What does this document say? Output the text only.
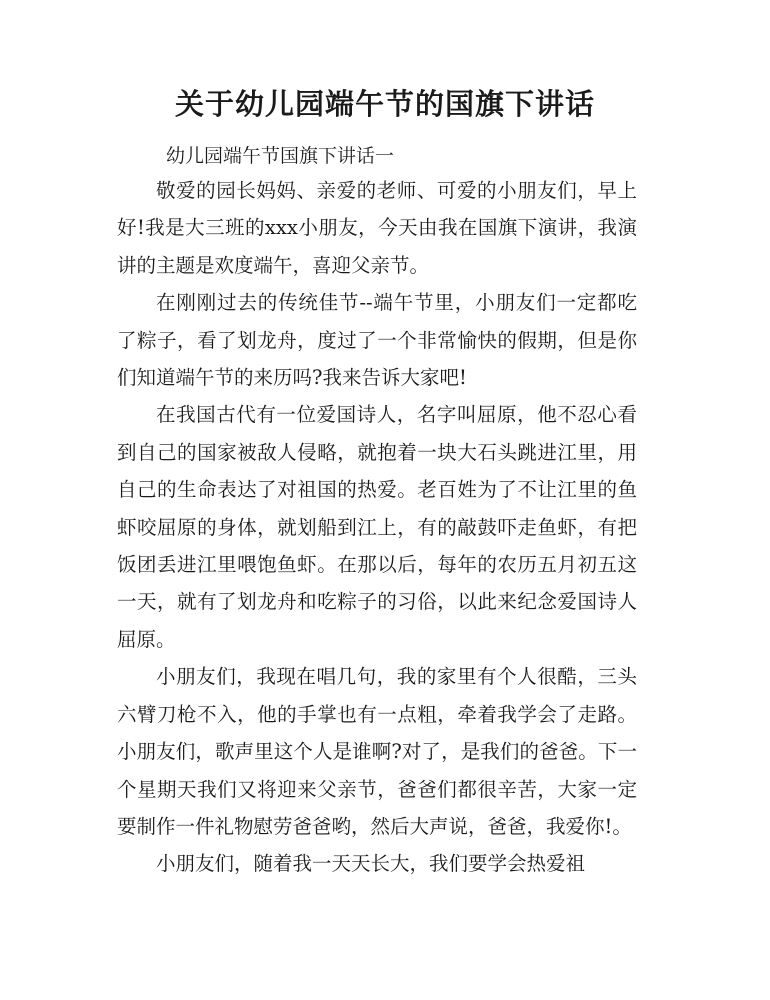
关于幼儿园端午节的国旗下讲话

幼儿园端午节国旗下讲话一

敬爱的园长妈妈、亲爱的老师、可爱的小朋友们，早上好!我是大三班的xxx小朋友，今天由我在国旗下演讲，我演讲的主题是欢度端午，喜迎父亲节。

在刚刚过去的传统佳节--端午节里，小朋友们一定都吃了粽子，看了划龙舟，度过了一个非常愉快的假期，但是你们知道端午节的来历吗?我来告诉大家吧!

在我国古代有一位爱国诗人，名字叫屈原，他不忍心看到自己的国家被敌人侵略，就抱着一块大石头跳进江里，用自己的生命表达了对祖国的热爱。老百姓为了不让江里的鱼虾咬屈原的身体，就划船到江上，有的敲鼓吓走鱼虾，有把饭团丢进江里喂饱鱼虾。在那以后，每年的农历五月初五这一天，就有了划龙舟和吃粽子的习俗，以此来纪念爱国诗人屈原。

小朋友们，我现在唱几句，我的家里有个人很酷，三头六臂刀枪不入，他的手掌也有一点粗，牵着我学会了走路。小朋友们，歌声里这个人是谁啊?对了，是我们的爸爸。下一个星期天我们又将迎来父亲节，爸爸们都很辛苦，大家一定要制作一件礼物慰劳爸爸哟，然后大声说，爸爸，我爱你!。

小朋友们，随着我一天天长大，我们要学会热爱祖
